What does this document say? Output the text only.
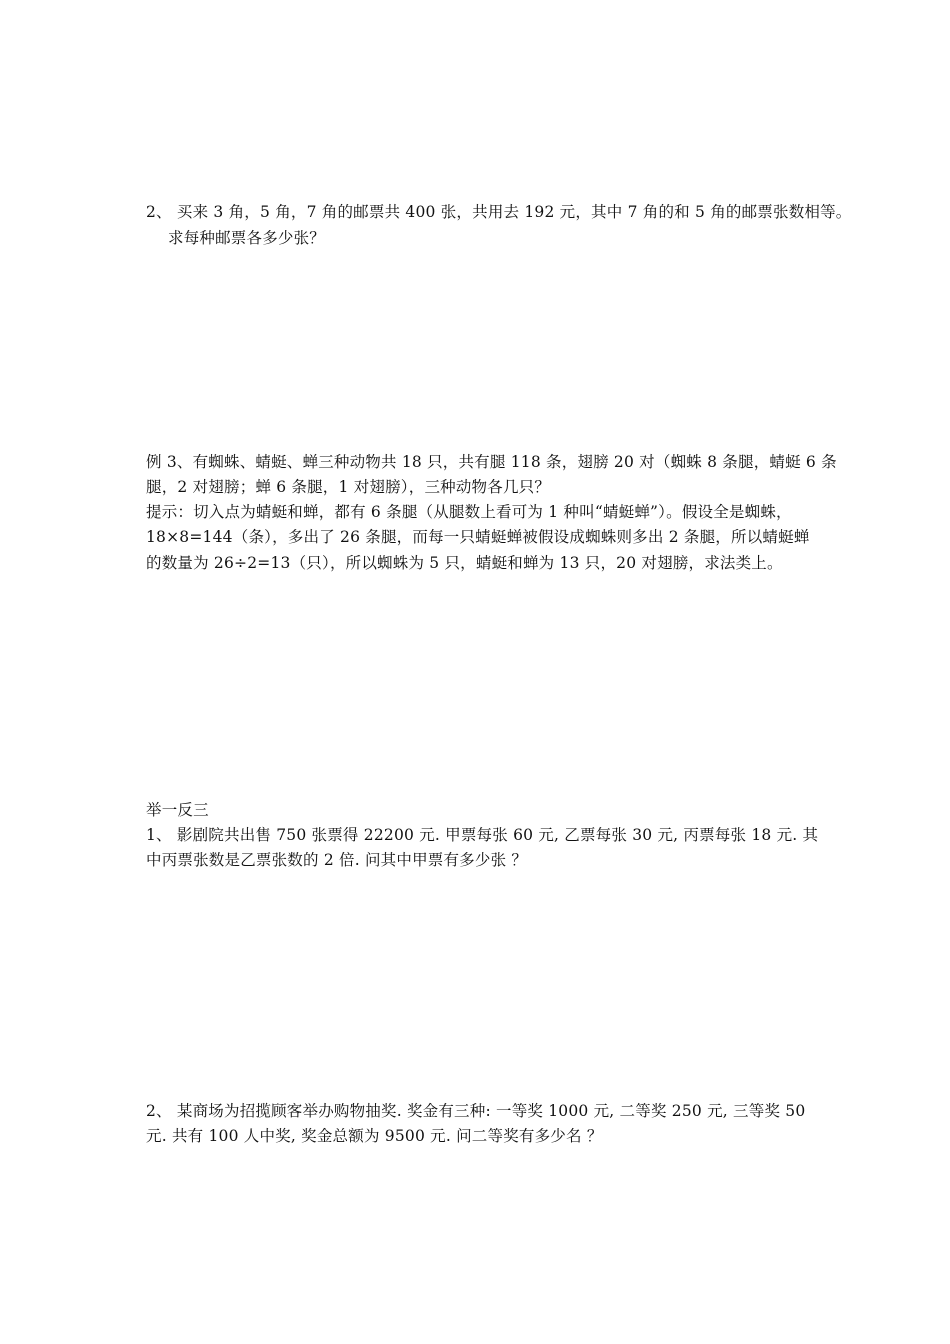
2、 买来 3 角，5 角，7 角的邮票共 400 张，共用去 192 元，其中 7 角的和 5 角的邮票张数相等。
求每种邮票各多少张？
例 3、有蜘蛛、蜻蜓、蝉三种动物共 18 只，共有腿 118 条，翅膀 20 对（蜘蛛 8 条腿，蜻蜓 6 条
腿，2 对翅膀；蝉 6 条腿，1 对翅膀），三种动物各几只？
提示：切入点为蜻蜓和蝉，都有 6 条腿（从腿数上看可为 1 种叫“蜻蜓蝉”）。假设全是蜘蛛，
18×8=144（条），多出了 26 条腿，而每一只蜻蜓蝉被假设成蜘蛛则多出 2 条腿，所以蜻蜓蝉
的数量为 26÷2=13（只），所以蜘蛛为 5 只，蜻蜓和蝉为 13 只，20 对翅膀，求法类上。
举一反三
1、 影剧院共出售 750 张票得 22200 元. 甲票每张 60 元, 乙票每张 30 元, 丙票每张 18 元. 其
中丙票张数是乙票张数的 2 倍. 问其中甲票有多少张 ？
2、 某商场为招揽顾客举办购物抽奖. 奖金有三种: 一等奖 1000 元, 二等奖 250 元, 三等奖 50
元. 共有 100 人中奖, 奖金总额为 9500 元. 问二等奖有多少名 ？
